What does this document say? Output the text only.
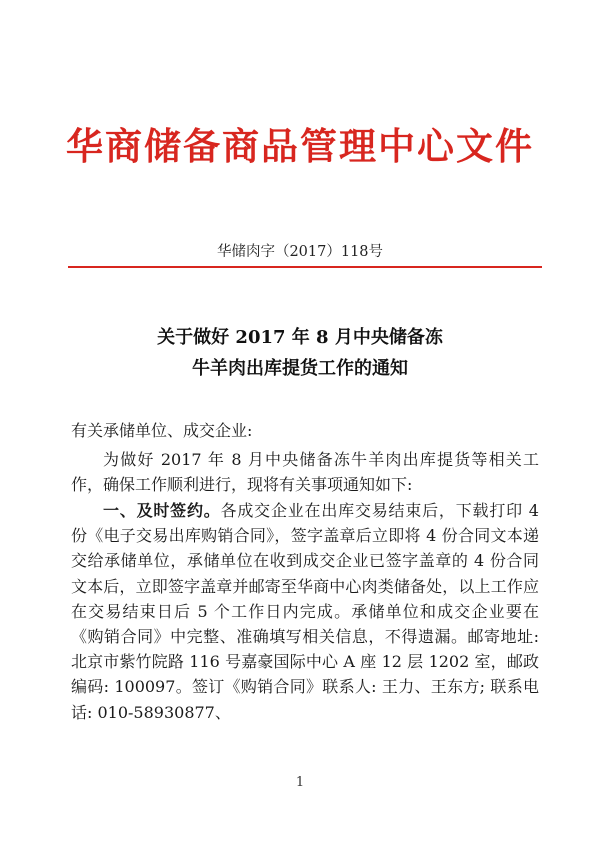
华商储备商品管理中心文件
华储肉字（2017）118号
关于做好 2017 年 8 月中央储备冻
牛羊肉出库提货工作的通知
有关承储单位、成交企业:

为做好 2017 年 8 月中央储备冻牛羊肉出库提货等相关工作，确保工作顺利进行，现将有关事项通知如下:

一、及时签约。各成交企业在出库交易结束后，下载打印 4 份《电子交易出库购销合同》，签字盖章后立即将 4 份合同文本递交给承储单位，承储单位在收到成交企业已签字盖章的 4 份合同文本后，立即签字盖章并邮寄至华商中心肉类储备处，以上工作应在交易结束日后 5 个工作日内完成。承储单位和成交企业要在《购销合同》中完整、准确填写相关信息，不得遗漏。邮寄地址: 北京市紫竹院路 116 号嘉豪国际中心 A 座 12 层 1202 室，邮政编码: 100097。签订《购销合同》联系人: 王力、王东方; 联系电话: 010-58930877、

1
